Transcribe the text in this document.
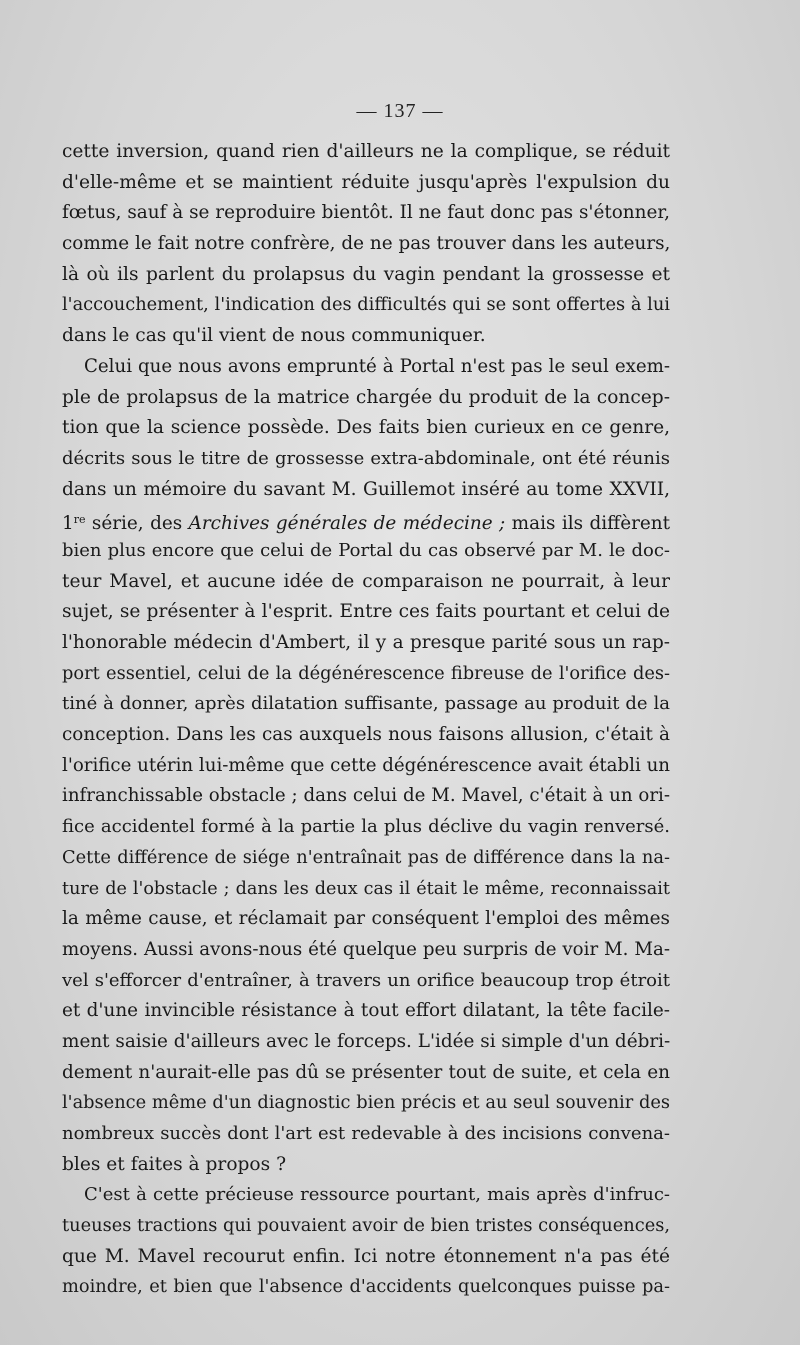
— 137 —
cette inversion, quand rien d'ailleurs ne la complique, se réduit
d'elle-même et se maintient réduite jusqu'après l'expulsion du
fœtus, sauf à se reproduire bientôt. Il ne faut donc pas s'étonner,
comme le fait notre confrère, de ne pas trouver dans les auteurs,
là où ils parlent du prolapsus du vagin pendant la grossesse et
l'accouchement, l'indication des difficultés qui se sont offertes à lui
dans le cas qu'il vient de nous communiquer.
Celui que nous avons emprunté à Portal n'est pas le seul exem-
ple de prolapsus de la matrice chargée du produit de la concep-
tion que la science possède. Des faits bien curieux en ce genre,
décrits sous le titre de grossesse extra-abdominale, ont été réunis
dans un mémoire du savant M. Guillemot inséré au tome XXVII,
1re série, des Archives générales de médecine ; mais ils diffèrent
bien plus encore que celui de Portal du cas observé par M. le doc-
teur Mavel, et aucune idée de comparaison ne pourrait, à leur
sujet, se présenter à l'esprit. Entre ces faits pourtant et celui de
l'honorable médecin d'Ambert, il y a presque parité sous un rap-
port essentiel, celui de la dégénérescence fibreuse de l'orifice des-
tiné à donner, après dilatation suffisante, passage au produit de la
conception. Dans les cas auxquels nous faisons allusion, c'était à
l'orifice utérin lui-même que cette dégénérescence avait établi un
infranchissable obstacle ; dans celui de M. Mavel, c'était à un ori-
fice accidentel formé à la partie la plus déclive du vagin renversé.
Cette différence de siége n'entraînait pas de différence dans la na-
ture de l'obstacle ; dans les deux cas il était le même, reconnaissait
la même cause, et réclamait par conséquent l'emploi des mêmes
moyens. Aussi avons-nous été quelque peu surpris de voir M. Ma-
vel s'efforcer d'entraîner, à travers un orifice beaucoup trop étroit
et d'une invincible résistance à tout effort dilatant, la tête facile-
ment saisie d'ailleurs avec le forceps. L'idée si simple d'un débri-
dement n'aurait-elle pas dû se présenter tout de suite, et cela en
l'absence même d'un diagnostic bien précis et au seul souvenir des
nombreux succès dont l'art est redevable à des incisions convena-
bles et faites à propos ?
C'est à cette précieuse ressource pourtant, mais après d'infruc-
tueuses tractions qui pouvaient avoir de bien tristes conséquences,
que M. Mavel recourut enfin. Ici notre étonnement n'a pas été
moindre, et bien que l'absence d'accidents quelconques puisse pa-
